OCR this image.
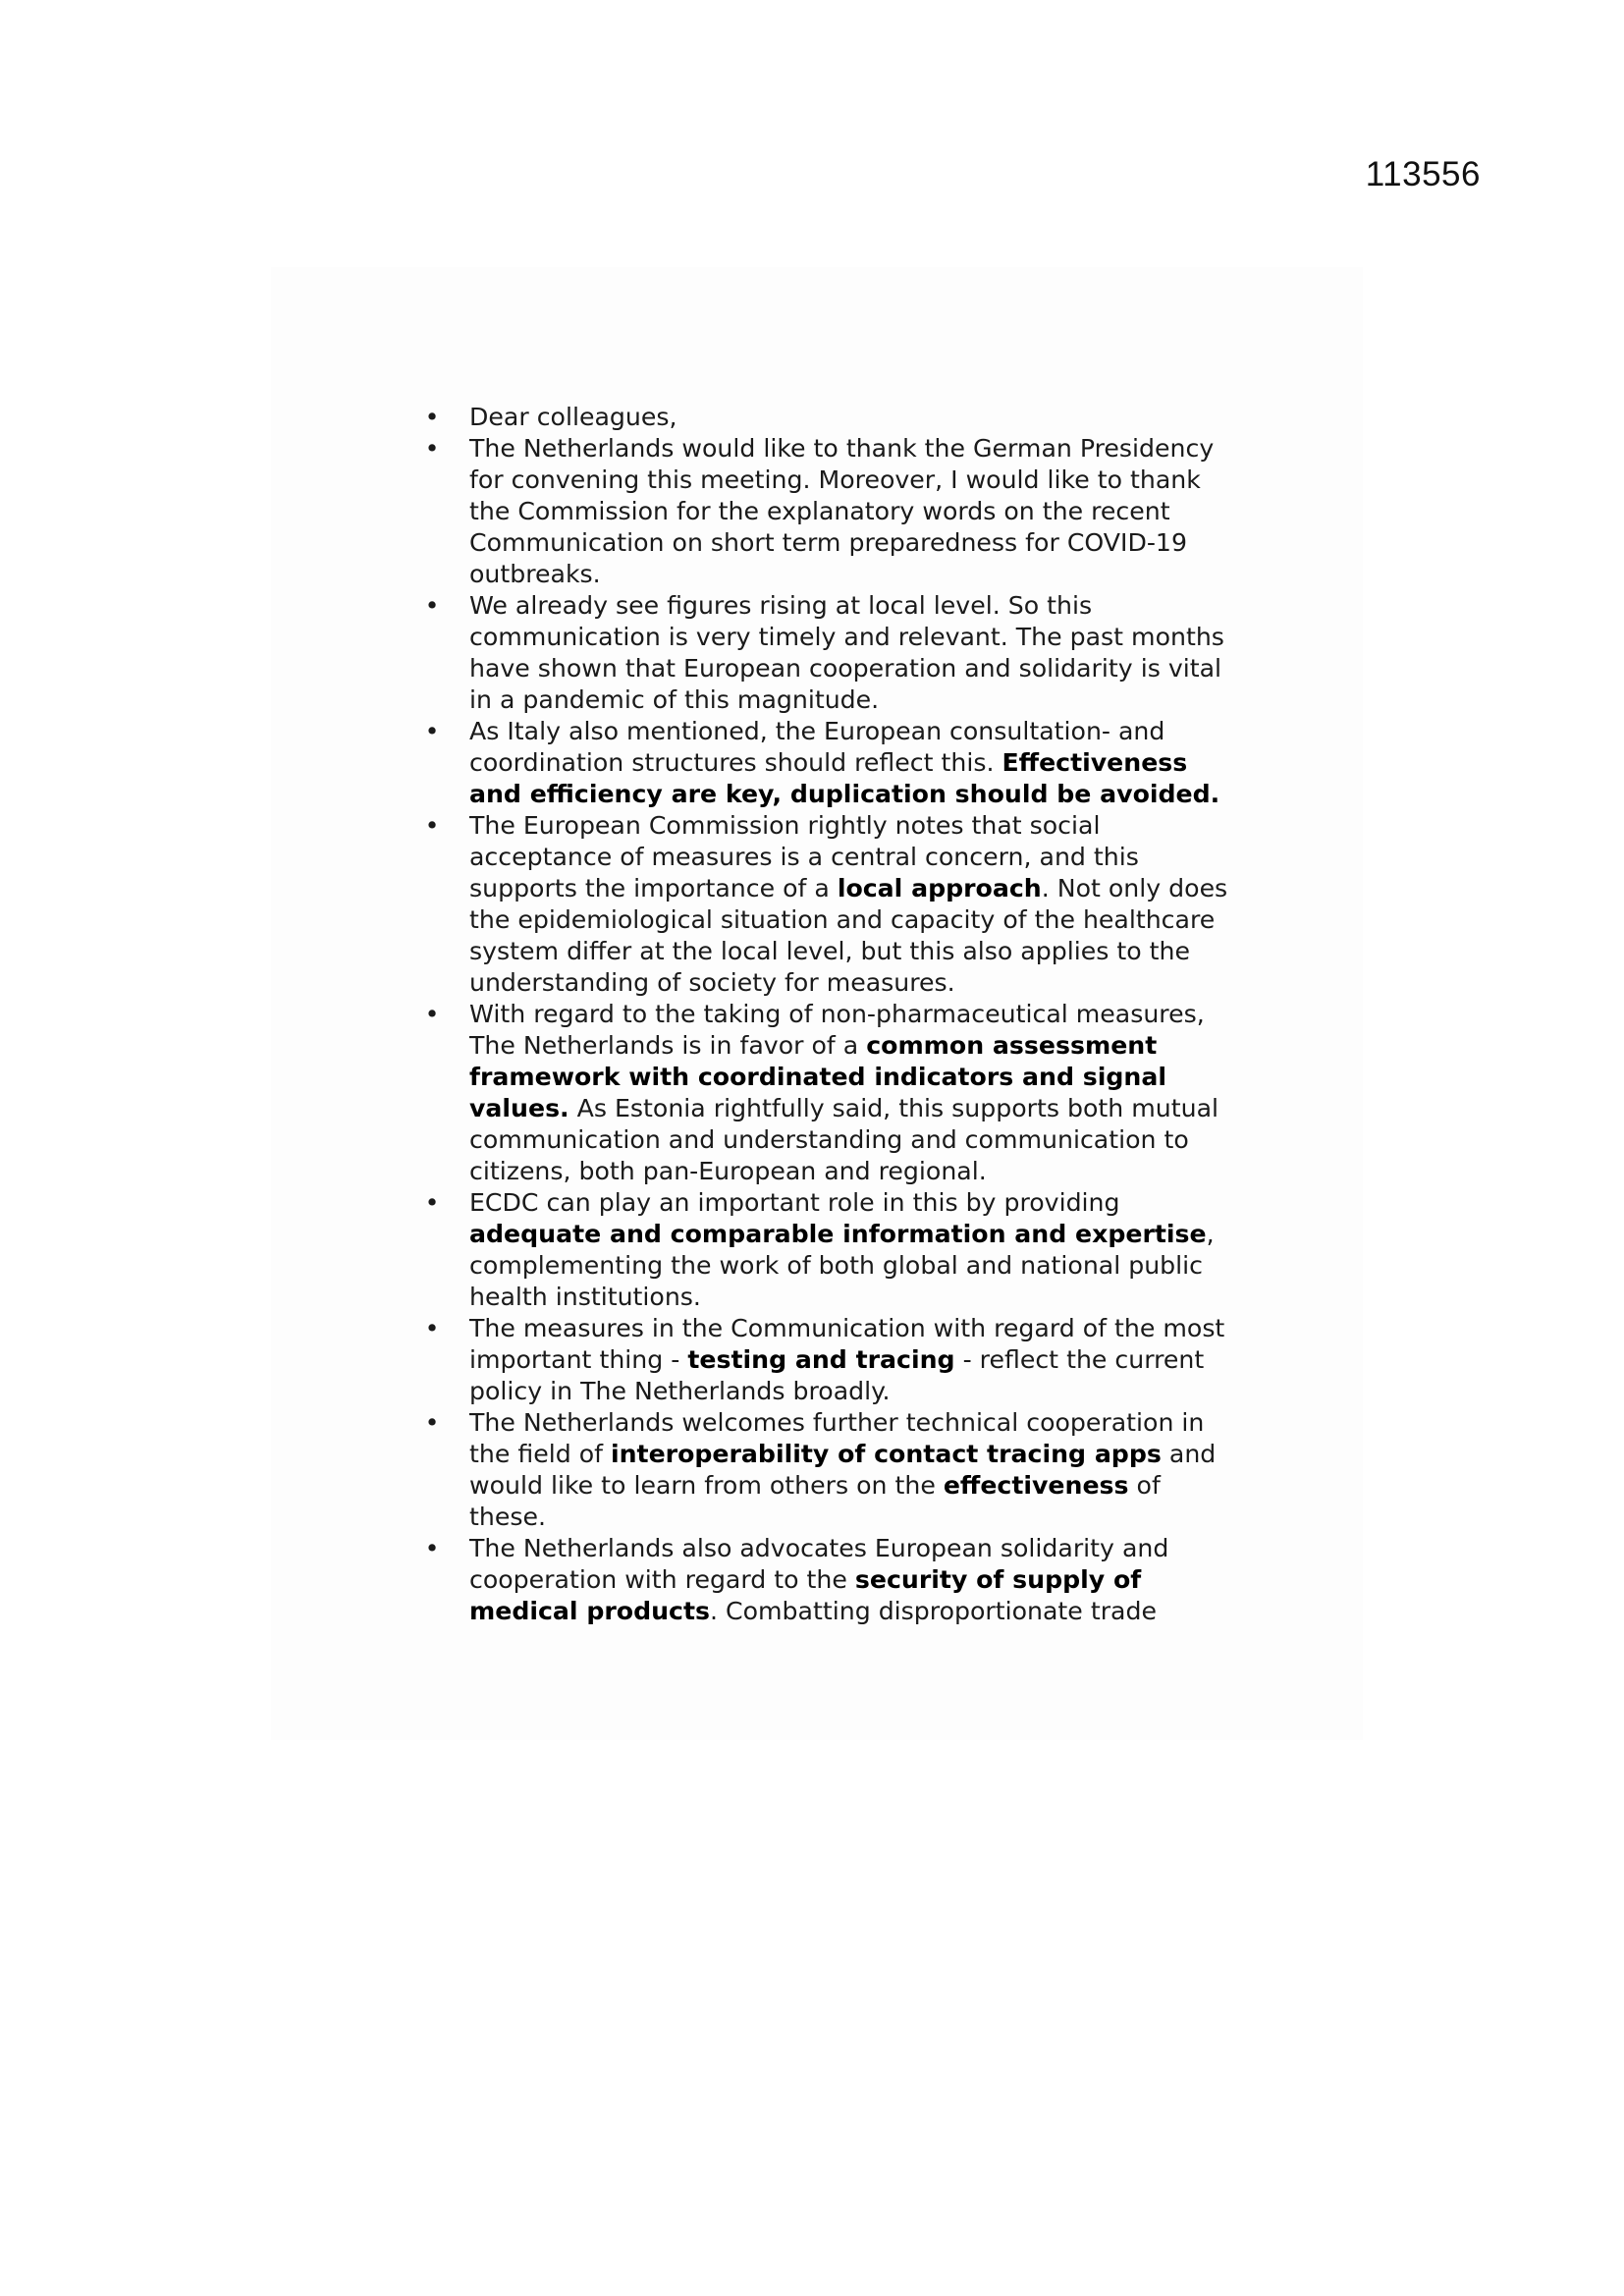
113556
• Dear colleagues,
• The Netherlands would like to thank the German Presidency for convening this meeting. Moreover, I would like to thank the Commission for the explanatory words on the recent Communication on short term preparedness for COVID-19 outbreaks.
• We already see figures rising at local level. So this communication is very timely and relevant. The past months have shown that European cooperation and solidarity is vital in a pandemic of this magnitude.
• As Italy also mentioned, the European consultation- and coordination structures should reflect this. Effectiveness and efficiency are key, duplication should be avoided.
• The European Commission rightly notes that social acceptance of measures is a central concern, and this supports the importance of a local approach. Not only does the epidemiological situation and capacity of the healthcare system differ at the local level, but this also applies to the understanding of society for measures.
• With regard to the taking of non-pharmaceutical measures, The Netherlands is in favor of a common assessment framework with coordinated indicators and signal values. As Estonia rightfully said, this supports both mutual communication and understanding and communication to citizens, both pan-European and regional.
• ECDC can play an important role in this by providing adequate and comparable information and expertise, complementing the work of both global and national public health institutions.
• The measures in the Communication with regard of the most important thing - testing and tracing - reflect the current policy in The Netherlands broadly.
• The Netherlands welcomes further technical cooperation in the field of interoperability of contact tracing apps and would like to learn from others on the effectiveness of these.
• The Netherlands also advocates European solidarity and cooperation with regard to the security of supply of medical products. Combatting disproportionate trade
